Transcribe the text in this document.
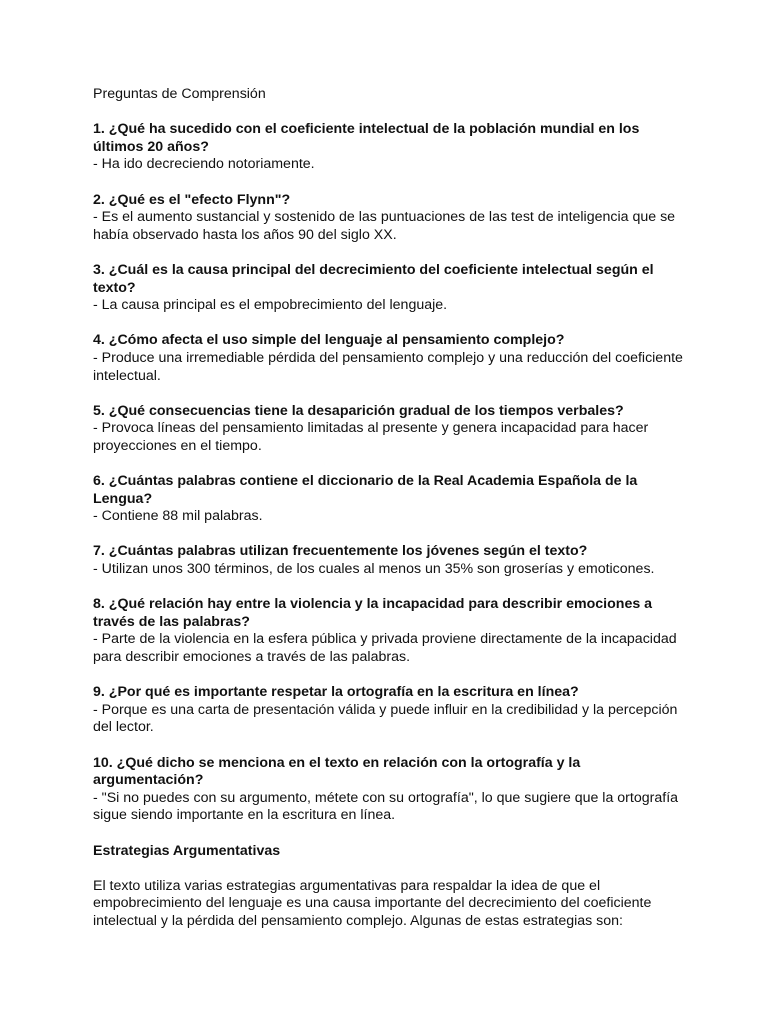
Preguntas de Comprensión

1. ¿Qué ha sucedido con el coeficiente intelectual de la población mundial en los últimos 20 años?

- Ha ido decreciendo notoriamente.

2. ¿Qué es el "efecto Flynn"?

- Es el aumento sustancial y sostenido de las puntuaciones de las test de inteligencia que se había observado hasta los años 90 del siglo XX.

3. ¿Cuál es la causa principal del decrecimiento del coeficiente intelectual según el texto?

- La causa principal es el empobrecimiento del lenguaje.

4. ¿Cómo afecta el uso simple del lenguaje al pensamiento complejo?

- Produce una irremediable pérdida del pensamiento complejo y una reducción del coeficiente intelectual.

5. ¿Qué consecuencias tiene la desaparición gradual de los tiempos verbales?

- Provoca líneas del pensamiento limitadas al presente y genera incapacidad para hacer proyecciones en el tiempo.

6. ¿Cuántas palabras contiene el diccionario de la Real Academia Española de la Lengua?

- Contiene 88 mil palabras.

7. ¿Cuántas palabras utilizan frecuentemente los jóvenes según el texto?

- Utilizan unos 300 términos, de los cuales al menos un 35% son groserías y emoticones.

8. ¿Qué relación hay entre la violencia y la incapacidad para describir emociones a través de las palabras?

- Parte de la violencia en la esfera pública y privada proviene directamente de la incapacidad para describir emociones a través de las palabras.

9. ¿Por qué es importante respetar la ortografía en la escritura en línea?

- Porque es una carta de presentación válida y puede influir en la credibilidad y la percepción del lector.

10. ¿Qué dicho se menciona en el texto en relación con la ortografía y la argumentación?

- "Si no puedes con su argumento, métete con su ortografía", lo que sugiere que la ortografía sigue siendo importante en la escritura en línea.

Estrategias Argumentativas

El texto utiliza varias estrategias argumentativas para respaldar la idea de que el empobrecimiento del lenguaje es una causa importante del decrecimiento del coeficiente intelectual y la pérdida del pensamiento complejo. Algunas de estas estrategias son:
